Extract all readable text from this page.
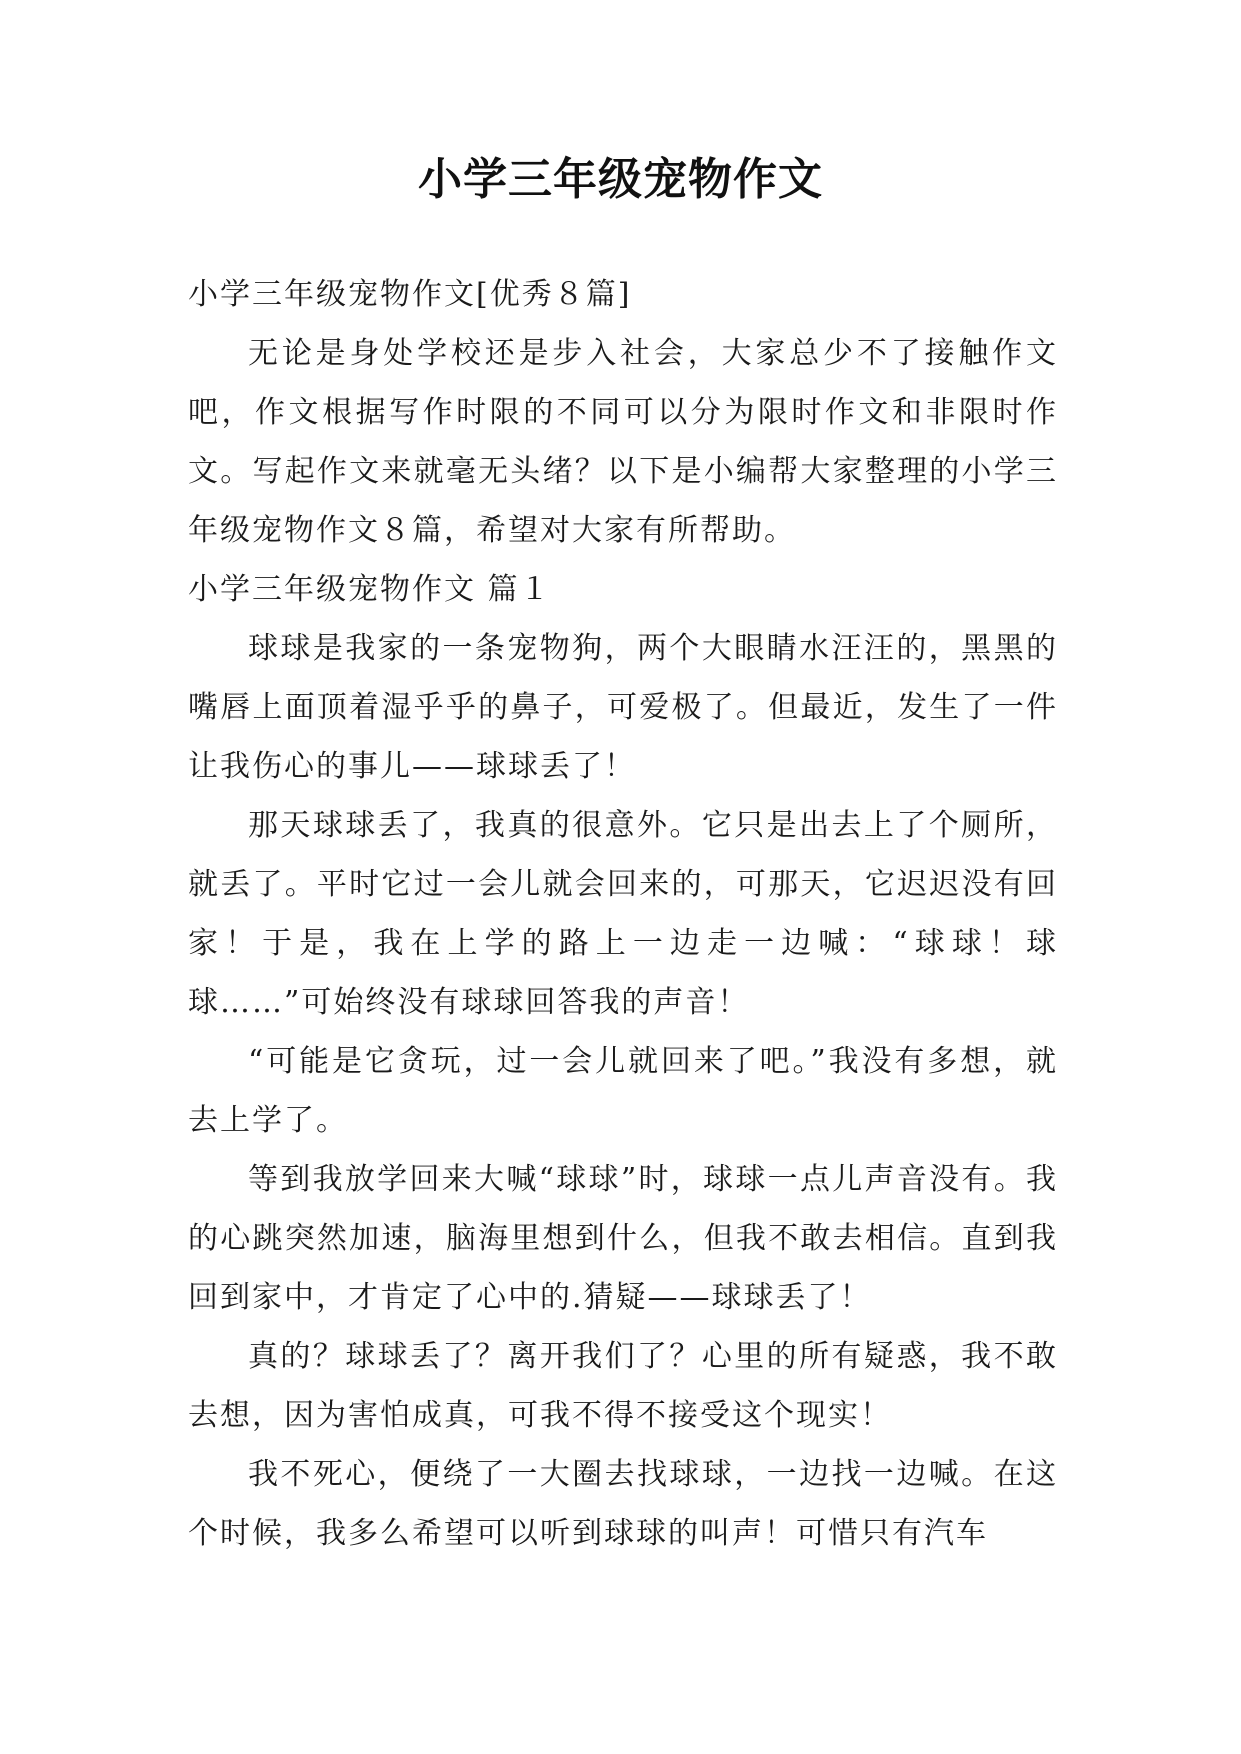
小学三年级宠物作文

小学三年级宠物作文[优秀８篇]

无论是身处学校还是步入社会，大家总少不了接触作文吧，作文根据写作时限的不同可以分为限时作文和非限时作文。写起作文来就毫无头绪？以下是小编帮大家整理的小学三年级宠物作文８篇，希望对大家有所帮助。

小学三年级宠物作文 篇１

球球是我家的一条宠物狗，两个大眼睛水汪汪的，黑黑的嘴唇上面顶着湿乎乎的鼻子，可爱极了。但最近，发生了一件让我伤心的事儿——球球丢了！

那天球球丢了，我真的很意外。它只是出去上了个厕所，就丢了。平时它过一会儿就会回来的，可那天，它迟迟没有回家！于是，我在上学的路上一边走一边喊：“球球！球球……”可始终没有球球回答我的声音！

“可能是它贪玩，过一会儿就回来了吧。”我没有多想，就去上学了。

等到我放学回来大喊“球球”时，球球一点儿声音没有。我的心跳突然加速，脑海里想到什么，但我不敢去相信。直到我回到家中，才肯定了心中的.猜疑——球球丢了！

真的？球球丢了？离开我们了？心里的所有疑惑，我不敢去想，因为害怕成真，可我不得不接受这个现实！

我不死心，便绕了一大圈去找球球，一边找一边喊。在这个时候，我多么希望可以听到球球的叫声！可惜只有汽车
